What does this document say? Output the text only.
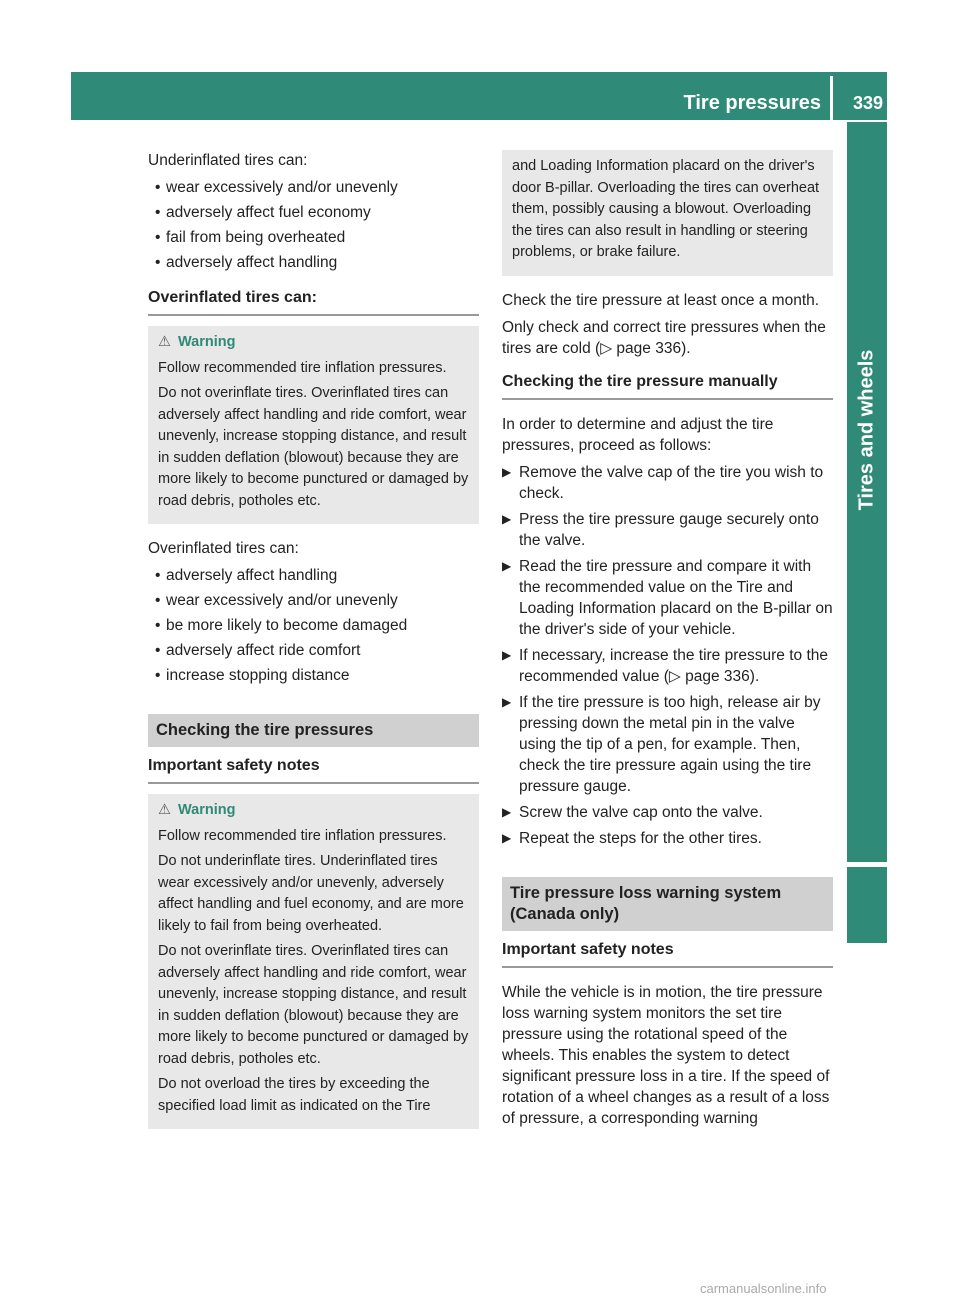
Tire pressures 339
Tires and wheels

Underinflated tires can:

• wear excessively and/or unevenly
• adversely affect fuel economy
• fail from being overheated
• adversely affect handling
Overinflated tires can:

⚠ Warning

Follow recommended tire inflation pressures.

Do not overinflate tires. Overinflated tires can adversely affect handling and ride comfort, wear unevenly, increase stopping distance, and result in sudden deflation (blowout) because they are more likely to become punctured or damaged by road debris, potholes etc.

Overinflated tires can:

• adversely affect handling
• wear excessively and/or unevenly
• be more likely to become damaged
• adversely affect ride comfort
• increase stopping distance
Checking the tire pressures
Important safety notes

⚠ Warning

Follow recommended tire inflation pressures.

Do not underinflate tires. Underinflated tires wear excessively and/or unevenly, adversely affect handling and fuel economy, and are more likely to fail from being overheated.

Do not overinflate tires. Overinflated tires can adversely affect handling and ride comfort, wear unevenly, increase stopping distance, and result in sudden deflation (blowout) because they are more likely to become punctured or damaged by road debris, potholes etc.

Do not overload the tires by exceeding the specified load limit as indicated on the Tire

and Loading Information placard on the driver's door B-pillar. Overloading the tires can overheat them, possibly causing a blowout. Overloading the tires can also result in handling or steering problems, or brake failure.

Check the tire pressure at least once a month.

Only check and correct tire pressures when the tires are cold (▷ page 336).

Checking the tire pressure manually

In order to determine and adjust the tire pressures, proceed as follows:

▶ Remove the valve cap of the tire you wish to check.
▶ Press the tire pressure gauge securely onto the valve.
▶ Read the tire pressure and compare it with the recommended value on the Tire and Loading Information placard on the B-pillar on the driver's side of your vehicle.
▶ If necessary, increase the tire pressure to the recommended value (▷ page 336).
▶ If the tire pressure is too high, release air by pressing down the metal pin in the valve using the tip of a pen, for example. Then, check the tire pressure again using the tire pressure gauge.
▶ Screw the valve cap onto the valve.
▶ Repeat the steps for the other tires.
Tire pressure loss warning system (Canada only)
Important safety notes

While the vehicle is in motion, the tire pressure loss warning system monitors the set tire pressure using the rotational speed of the wheels. This enables the system to detect significant pressure loss in a tire. If the speed of rotation of a wheel changes as a result of a loss of pressure, a corresponding warning

carmanualsonline.info
